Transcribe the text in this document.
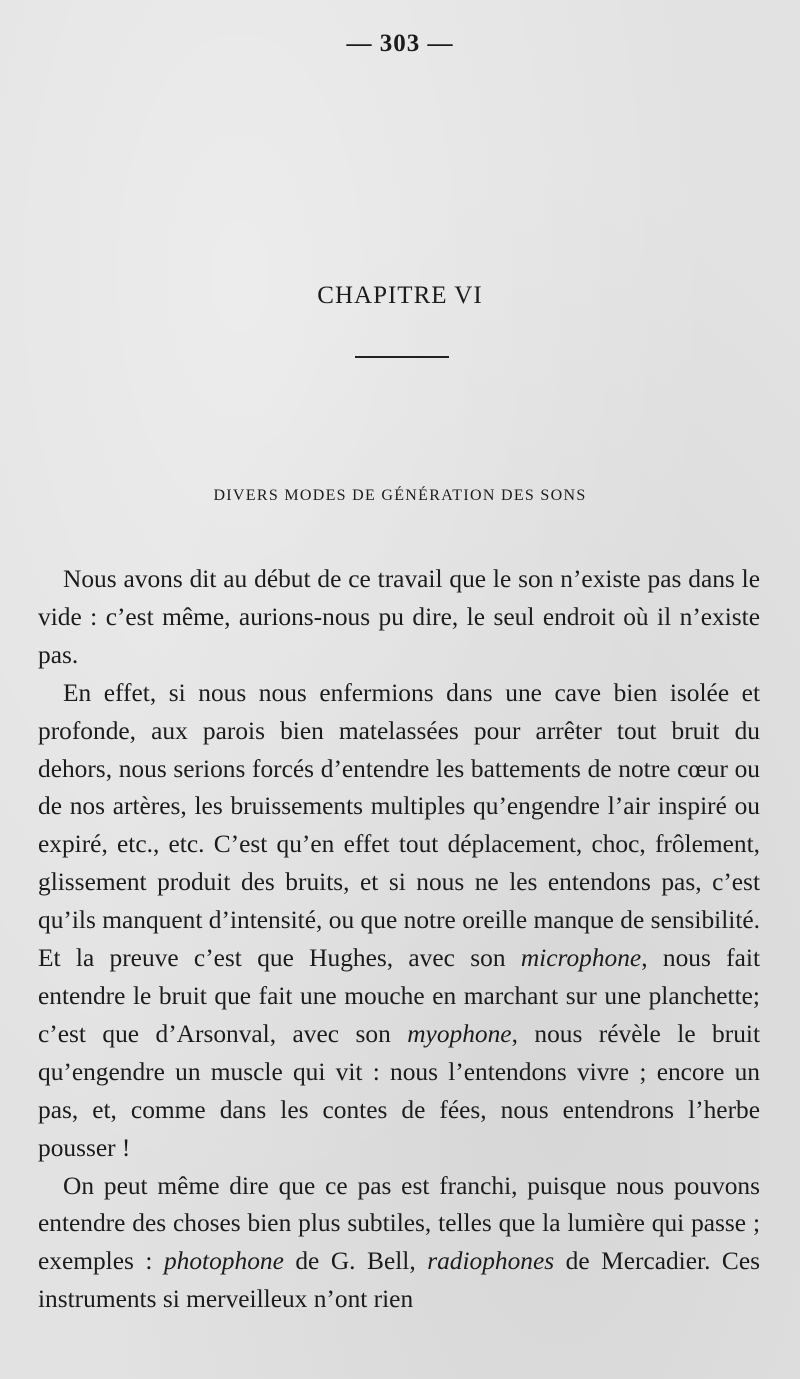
— 303 —
CHAPITRE VI
DIVERS MODES DE GÉNÉRATION DES SONS

Nous avons dit au début de ce travail que le son n’existe pas dans le vide : c’est même, aurions-nous pu dire, le seul endroit où il n’existe pas.

En effet, si nous nous enfermions dans une cave bien isolée et profonde, aux parois bien matelassées pour arrêter tout bruit du dehors, nous serions forcés d’entendre les battements de notre cœur ou de nos artères, les bruissements multiples qu’engendre l’air inspiré ou expiré, etc., etc. C’est qu’en effet tout déplacement, choc, frôlement, glissement produit des bruits, et si nous ne les entendons pas, c’est qu’ils manquent d’intensité, ou que notre oreille manque de sensibilité. Et la preuve c’est que Hughes, avec son microphone, nous fait entendre le bruit que fait une mouche en marchant sur une planchette; c’est que d’Arsonval, avec son myophone, nous révèle le bruit qu’engendre un muscle qui vit : nous l’entendons vivre ; encore un pas, et, comme dans les contes de fées, nous entendrons l’herbe pousser !

On peut même dire que ce pas est franchi, puisque nous pouvons entendre des choses bien plus subtiles, telles que la lumière qui passe ; exemples : photophone de G. Bell, radiophones de Mercadier. Ces instruments si merveilleux n’ont rien
